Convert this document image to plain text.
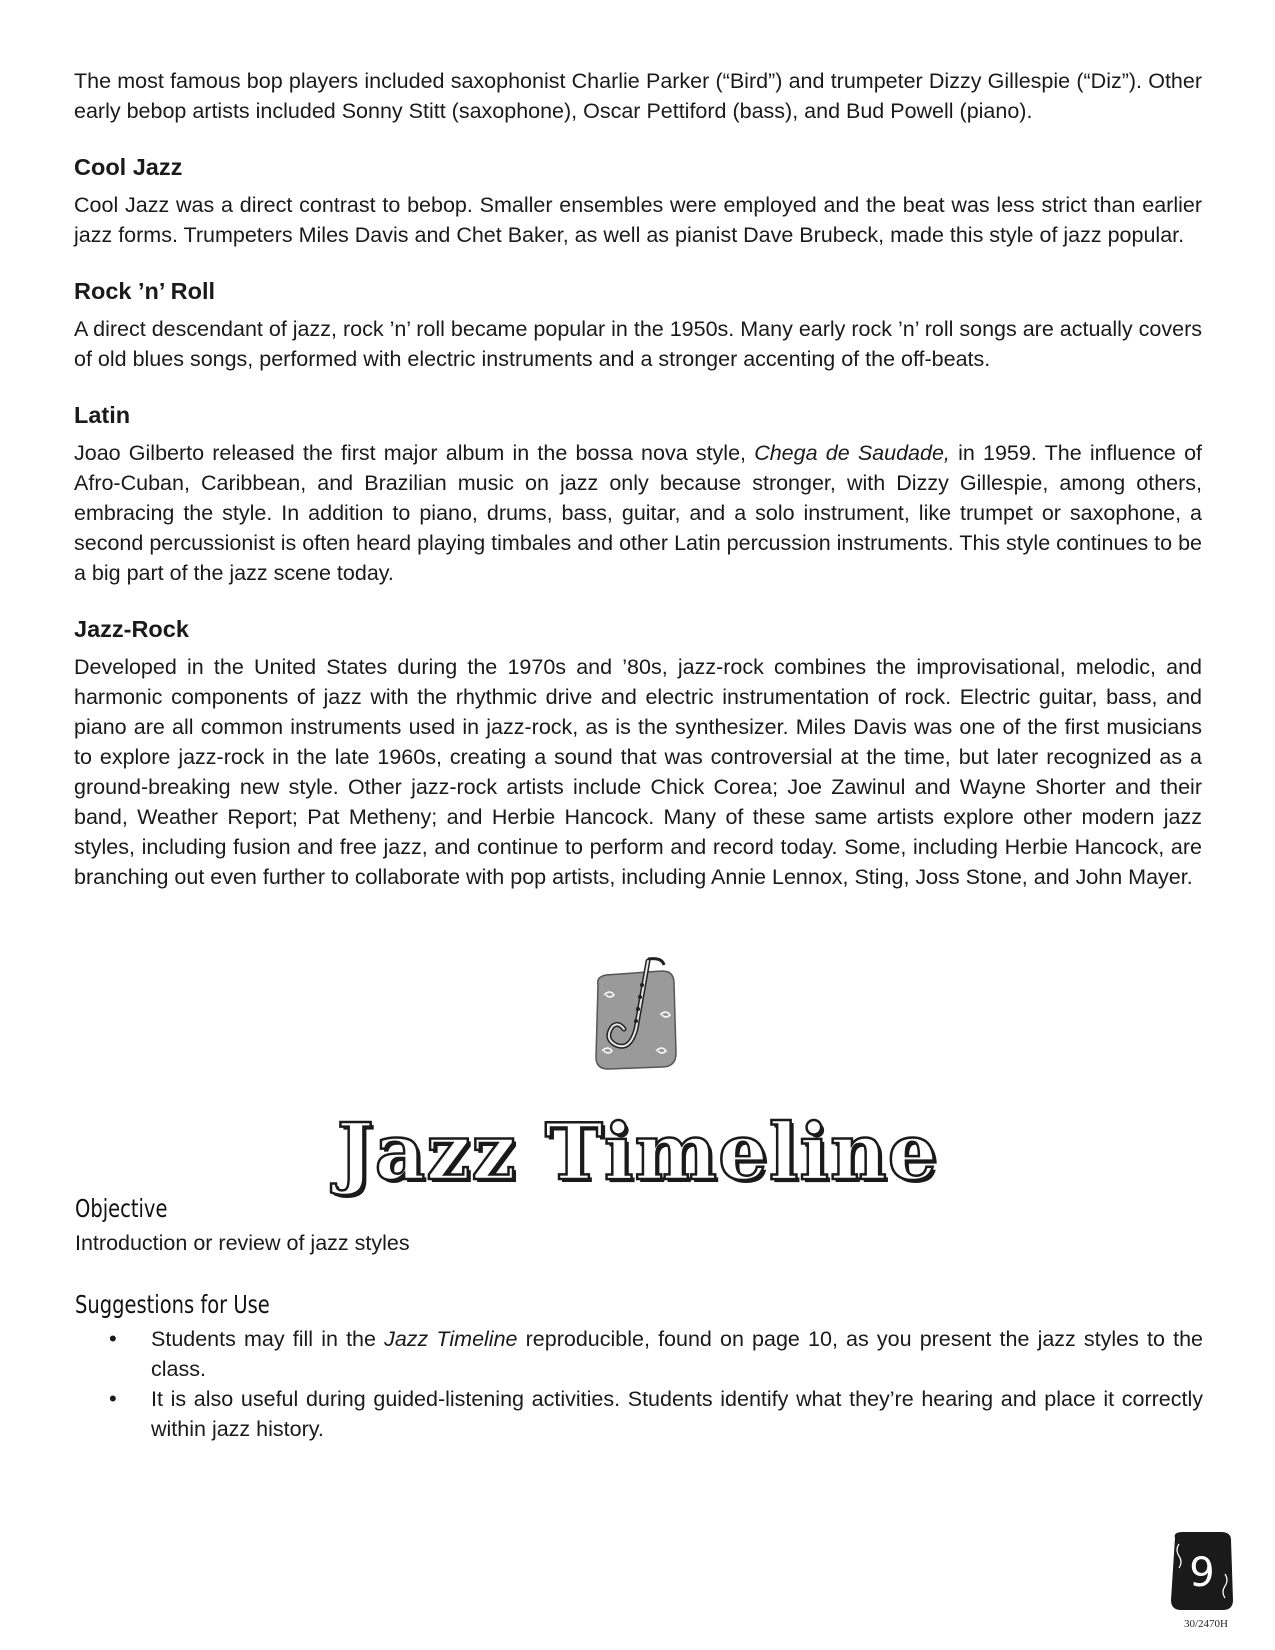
The most famous bop players included saxophonist Charlie Parker (“Bird”) and trumpeter Dizzy Gillespie (“Diz”). Other early bebop artists included Sonny Stitt (saxophone), Oscar Pettiford (bass), and Bud Powell (piano).

Cool Jazz

Cool Jazz was a direct contrast to bebop. Smaller ensembles were employed and the beat was less strict than earlier jazz forms. Trumpeters Miles Davis and Chet Baker, as well as pianist Dave Brubeck, made this style of jazz popular.

Rock ’n’ Roll

A direct descendant of jazz, rock ’n’ roll became popular in the 1950s. Many early rock ’n’ roll songs are actually covers of old blues songs, performed with electric instruments and a stronger accenting of the off-beats.

Latin

Joao Gilberto released the first major album in the bossa nova style, Chega de Saudade, in 1959. The influence of Afro-Cuban, Caribbean, and Brazilian music on jazz only because stronger, with Dizzy Gillespie, among others, embracing the style. In addition to piano, drums, bass, guitar, and a solo instrument, like trumpet or saxophone, a second percussionist is often heard playing timbales and other Latin percussion instruments. This style continues to be a big part of the jazz scene today.

Jazz-Rock

Developed in the United States during the 1970s and ’80s, jazz-rock combines the improvisational, melodic, and harmonic components of jazz with the rhythmic drive and electric instrumentation of rock. Electric guitar, bass, and piano are all common instruments used in jazz-rock, as is the synthesizer. Miles Davis was one of the first musicians to explore jazz-rock in the late 1960s, creating a sound that was controversial at the time, but later recognized as a ground-breaking new style. Other jazz-rock artists include Chick Corea; Joe Zawinul and Wayne Shorter and their band, Weather Report; Pat Metheny; and Herbie Hancock. Many of these same artists explore other modern jazz styles, including fusion and free jazz, and continue to perform and record today. Some, including Herbie Hancock, are branching out even further to collaborate with pop artists, including Annie Lennox, Sting, Joss Stone, and John Mayer.

Jazz Timeline
Objective
Introduction or review of jazz styles
Suggestions for Use
• Students may fill in the Jazz Timeline reproducible, found on page 10, as you present the jazz styles to the class.
• It is also useful during guided-listening activities. Students identify what they’re hearing and place it correctly within jazz history.
9
30/2470H
